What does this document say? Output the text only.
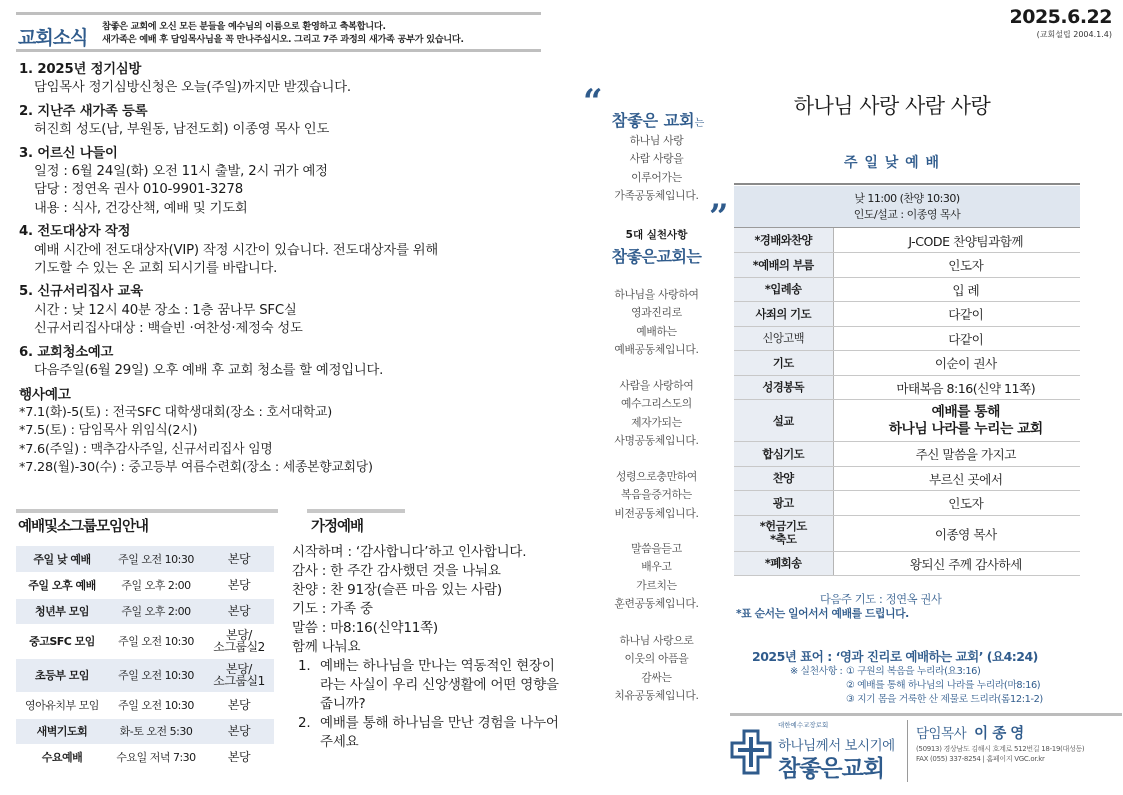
교회소식
참좋은 교회에 오신 모든 분들을 예수님의 이름으로 환영하고 축복합니다.
새가족은 예배 후 담임목사님을 꼭 만나주십시오. 그리고 7주 과정의 새가족 공부가 있습니다.
1. 2025년 정기심방
담임목사 정기심방신청은 오늘(주일)까지만 받겠습니다.
2. 지난주 새가족 등록
허진희 성도(남, 부원동, 남전도회) 이종영 목사 인도
3. 어르신 나들이
일정 : 6월 24일(화) 오전 11시 출발, 2시 귀가 예정
담당 : 정연옥 권사 010-9901-3278
내용 : 식사, 건강산책, 예배 및 기도회
4. 전도대상자 작정
예배 시간에 전도대상자(VIP) 작정 시간이 있습니다. 전도대상자를 위해
기도할 수 있는 온 교회 되시기를 바랍니다.
5. 신규서리집사 교육
시간 : 낮 12시 40분 장소 : 1층 꿈나무 SFC실
신규서리집사대상 : 백슬빈 ·여찬성·제정숙 성도
6. 교회청소예고
다음주일(6월 29일) 오후 예배 후 교회 청소를 할 예정입니다.
행사예고
*7.1(화)-5(토) : 전국SFC 대학생대회(장소 : 호서대학교)
*7.5(토) : 담임목사 위임식(2시)
*7.6(주일) : 맥추감사주일, 신규서리집사 임명
*7.28(월)-30(수) : 중고등부 여름수련회(장소 : 세종본향교회당)
예배및소그룹모임안내
주일 낮 예배	주일 오전 10:30	본당
주일 오후 예배	주일 오후 2:00	본당
청년부 모임	주일 오후 2:00	본당
중고SFC 모임	주일 오전 10:30	본당/
소그룹실2
초등부 모임	주일 오전 10:30	본당/
소그룹실1
영아유치부 모임	주일 오전 10:30	본당
새벽기도회	화-토 오전 5:30	본당
수요예배	수요일 저녁 7:30	본당
가정예배
시작하며 : ‘감사합니다’하고 인사합니다.
감사 : 한 주간 감사했던 것을 나눠요
찬양 : 찬 91장(슬픈 마음 있는 사람)
기도 : 가족 중
말씀 : 마8:16(신약11쪽)
함께 나눠요
1. 예배는 하나님을 만나는 역동적인 현장이라는 사실이 우리 신앙생활에 어떤 영향을 줍니까?
2. 예배를 통해 하나님을 만난 경험을 나누어 주세요
“ 참좋은 교회는
하나님 사랑
사람 사랑을
이루어가는
가족공동체입니다.
”
5대 실천사항
참좋은교회는
하나님을 사랑하여
영과진리로
예배하는
예배공동체입니다.
사람을 사랑하여
예수그리스도의
제자가되는
사명공동체입니다.
성령으로충만하여
복음을증거하는
비전공동체입니다.
말씀을듣고
배우고
가르치는
훈련공동체입니다.
하나님 사랑으로
이웃의 아픔을
감싸는
치유공동체입니다.
2025.6.22
(교회설립 2004.1.4)
하나님 사랑 사람 사랑
주 일 낮 예 배
낮 11:00 (찬양 10:30)
인도/설교 : 이종영 목사
*경배와찬양	J-CODE 찬양팀과함께
*예배의 부름	인도자
*입례송	입 례
사죄의 기도	다같이
신앙고백	다같이
기도	이순이 권사
성경봉독	마태복음 8:16(신약 11쪽)
설교	예배를 통해
하나님 나라를 누리는 교회
합심기도	주신 말씀을 가지고
찬양	부르신 곳에서
광고	인도자
*헌금기도
*축도	이종영 목사
*폐회송	왕되신 주께 감사하세
다음주 기도 : 정연옥 권사
*표 순서는 일어서서 예배를 드립니다.
2025년 표어 : ‘영과 진리로 예배하는 교회’ (요4:24)
※ 실천사항 : ① 구원의 복음을 누리라(요3:16)
② 예배를 통해 하나님의 나라를 누리라(마8:16)
③ 지기 몸을 거룩한 산 제물로 드리라(롬12:1-2)
대한예수교장로회
하나님께서 보시기에
참좋은교회
담임목사 이 종 영
(50913) 경상남도 김해시 호계로 512번길 18-19(대성동)
FAX (055) 337-8254 | 홈페이지 VGC.or.kr
